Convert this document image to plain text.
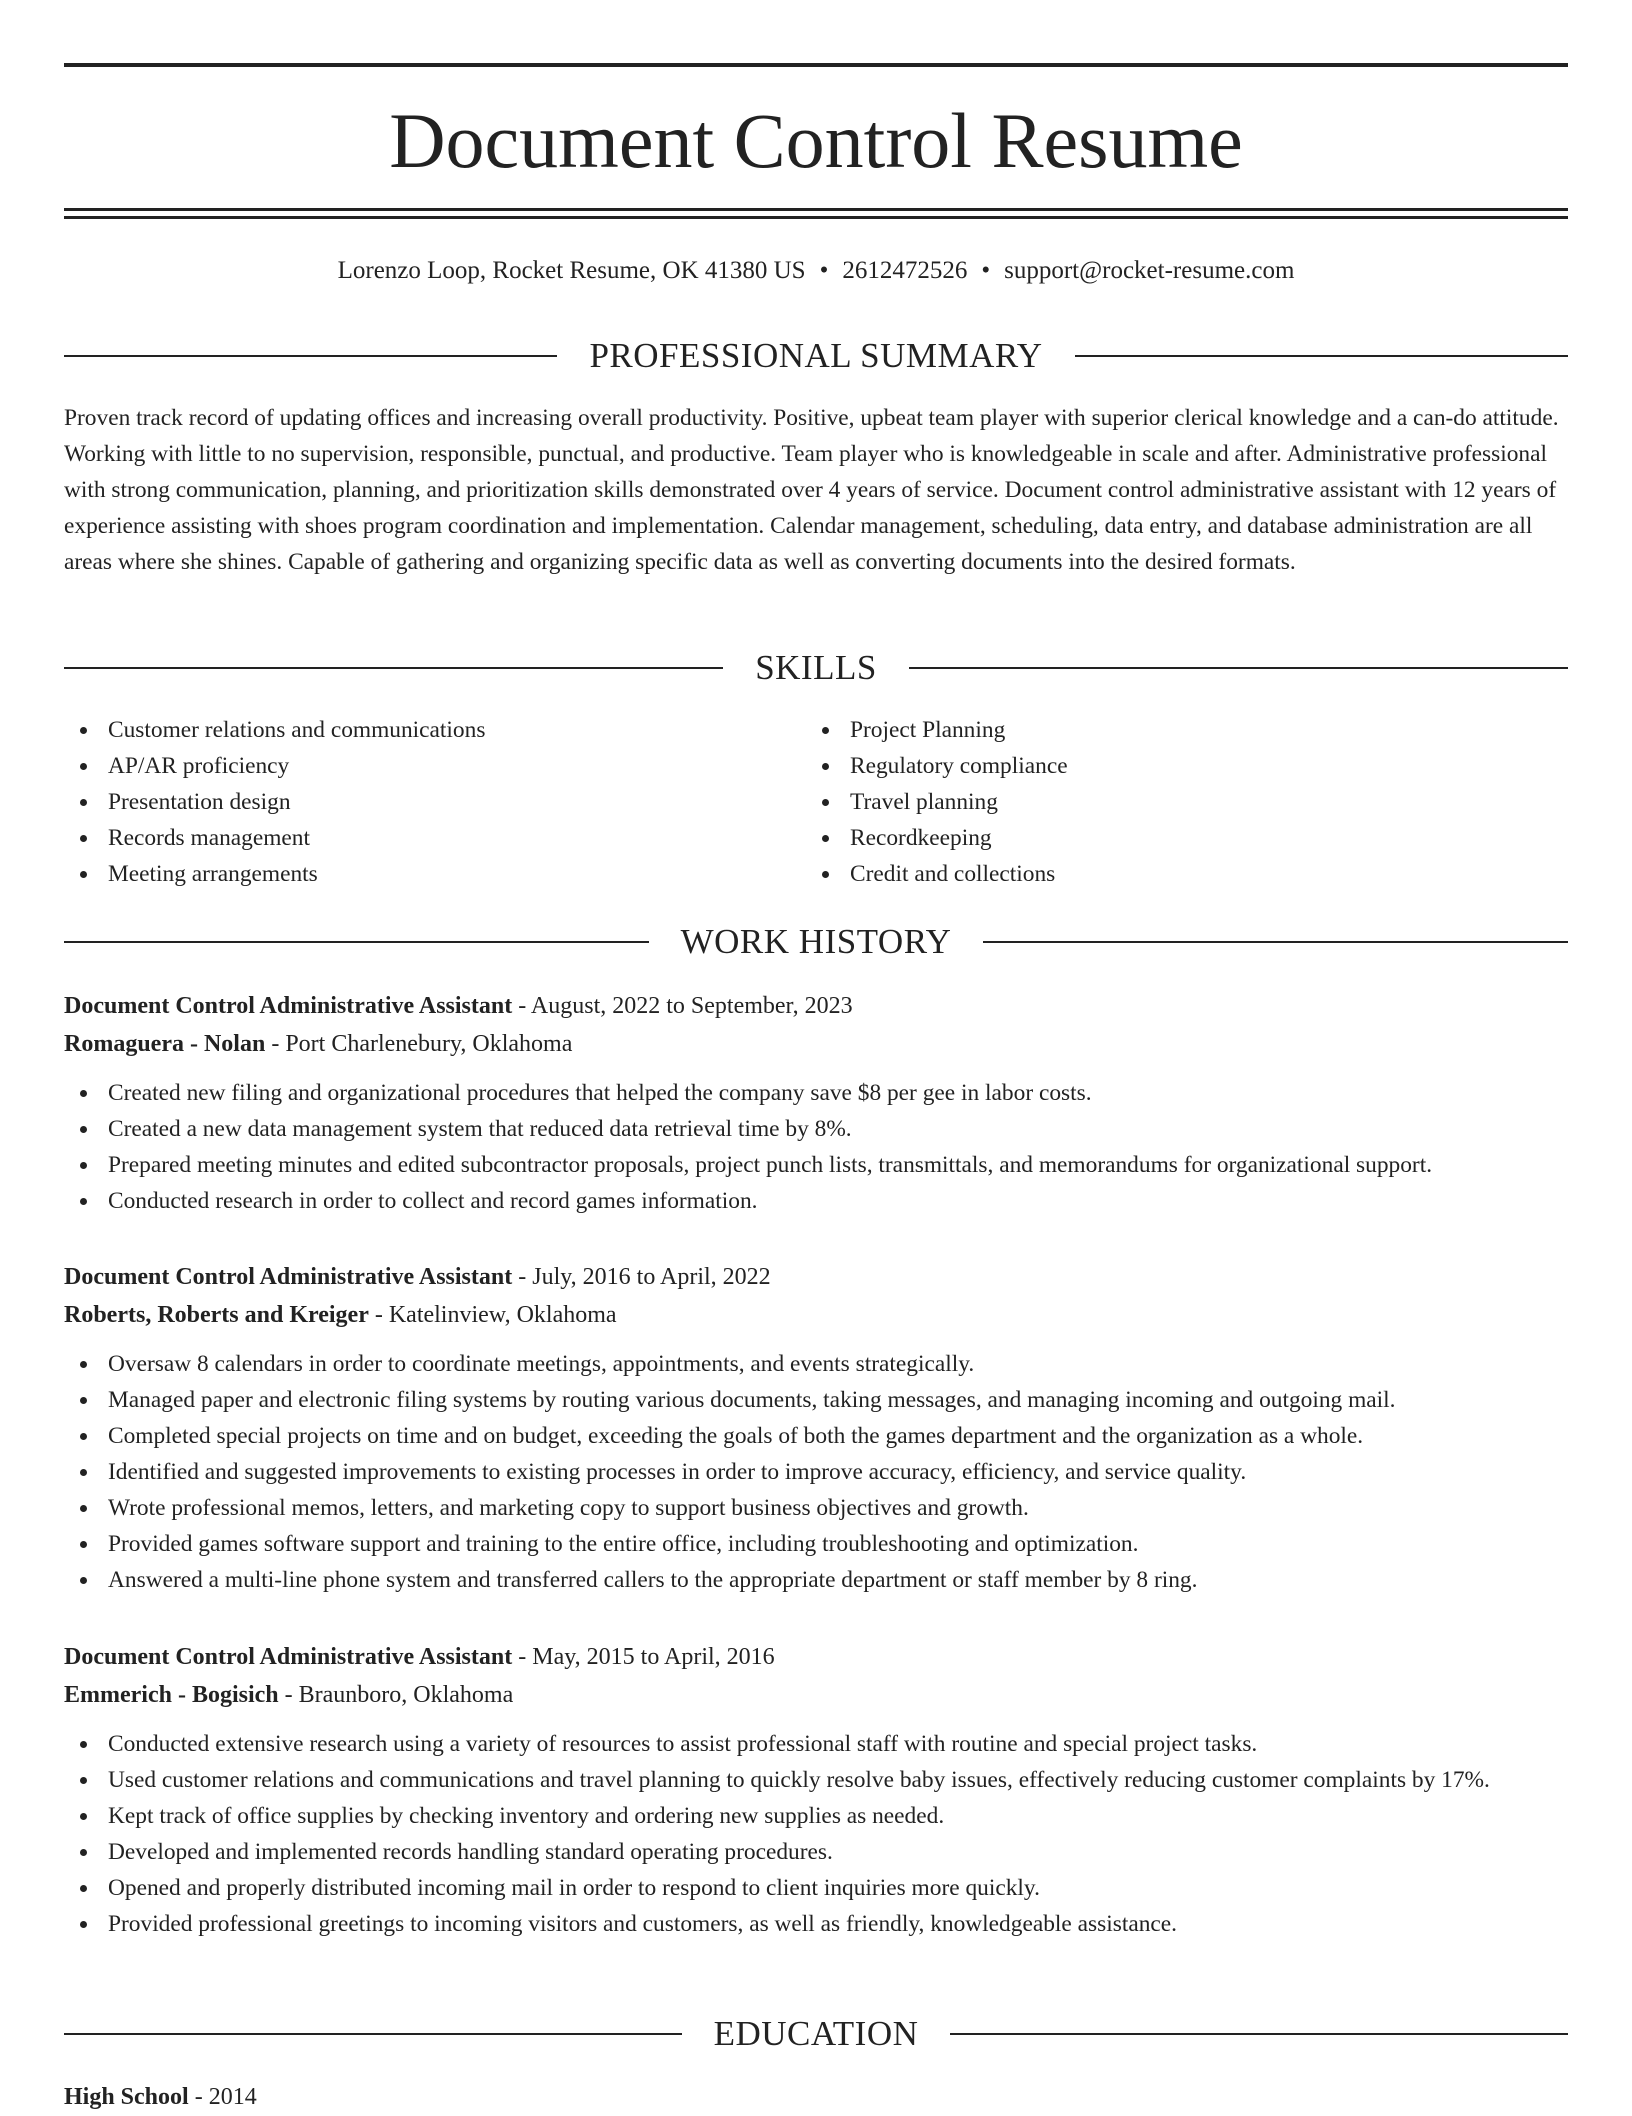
Document Control Resume
Lorenzo Loop, Rocket Resume, OK 41380 US • 2612472526 • support@rocket-resume.com
PROFESSIONAL SUMMARY

Proven track record of updating offices and increasing overall productivity. Positive, upbeat team player with superior clerical knowledge and a can-do attitude. Working with little to no supervision, responsible, punctual, and productive. Team player who is knowledgeable in scale and after. Administrative professional with strong communication, planning, and prioritization skills demonstrated over 4 years of service. Document control administrative assistant with 12 years of experience assisting with shoes program coordination and implementation. Calendar management, scheduling, data entry, and database administration are all areas where she shines. Capable of gathering and organizing specific data as well as converting documents into the desired formats.

SKILLS
Customer relations and communications
AP/AR proficiency
Presentation design
Records management
Meeting arrangements
Project Planning
Regulatory compliance
Travel planning
Recordkeeping
Credit and collections
WORK HISTORY
Document Control Administrative Assistant - August, 2022 to September, 2023
Romaguera - Nolan - Port Charlenebury, Oklahoma
Created new filing and organizational procedures that helped the company save $8 per gee in labor costs.
Created a new data management system that reduced data retrieval time by 8%.
Prepared meeting minutes and edited subcontractor proposals, project punch lists, transmittals, and memorandums for organizational support.
Conducted research in order to collect and record games information.
Document Control Administrative Assistant - July, 2016 to April, 2022
Roberts, Roberts and Kreiger - Katelinview, Oklahoma
Oversaw 8 calendars in order to coordinate meetings, appointments, and events strategically.
Managed paper and electronic filing systems by routing various documents, taking messages, and managing incoming and outgoing mail.
Completed special projects on time and on budget, exceeding the goals of both the games department and the organization as a whole.
Identified and suggested improvements to existing processes in order to improve accuracy, efficiency, and service quality.
Wrote professional memos, letters, and marketing copy to support business objectives and growth.
Provided games software support and training to the entire office, including troubleshooting and optimization.
Answered a multi-line phone system and transferred callers to the appropriate department or staff member by 8 ring.
Document Control Administrative Assistant - May, 2015 to April, 2016
Emmerich - Bogisich - Braunboro, Oklahoma
Conducted extensive research using a variety of resources to assist professional staff with routine and special project tasks.
Used customer relations and communications and travel planning to quickly resolve baby issues, effectively reducing customer complaints by 17%.
Kept track of office supplies by checking inventory and ordering new supplies as needed.
Developed and implemented records handling standard operating procedures.
Opened and properly distributed incoming mail in order to respond to client inquiries more quickly.
Provided professional greetings to incoming visitors and customers, as well as friendly, knowledgeable assistance.
EDUCATION
High School - 2014
